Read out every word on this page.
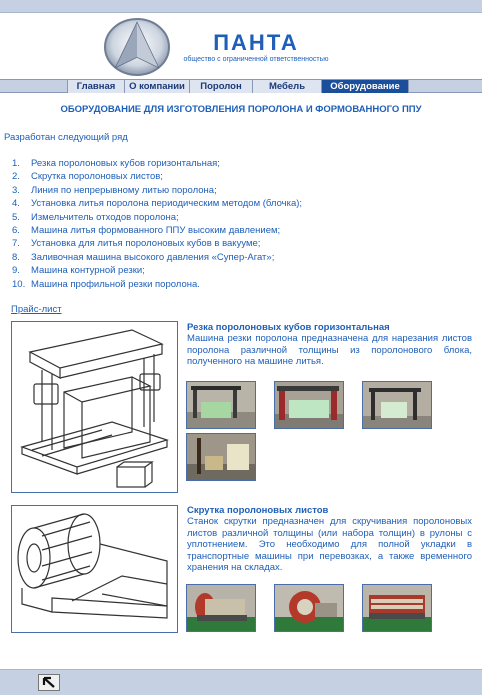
ПАНТА
общество с ограниченной ответственностью
Главная	О компании	Поролон	Мебель	Оборудование
ОБОРУДОВАНИЕ ДЛЯ ИЗГОТОВЛЕНИЯ ПОРОЛОНА И ФОРМОВАННОГО ППУ
Разработан следующий ряд
1. Резка поролоновых кубов горизонтальная;
2. Скрутка поролоновых листов;
3. Линия по непрерывному литью поролона;
4. Установка литья поролона периодическим методом (блочка);
5. Измельчитель отходов поролона;
6. Машина литья формованного ППУ высоким давлением;
7. Установка для литья поролоновых кубов в вакууме;
8. Заливочная машина высокого давления «Супер-Агат»;
9. Машина контурной резки;
10. Машина профильной резки поролона.
Прайс-лист
Резка поролоновых кубов горизонтальная
Машина резки поролона предназначена для нарезания листов поролона различной толщины из поролонового блока, полученного на машине литья.
Скрутка поролоновых листов
Станок скрутки предназначен для скручивания поролоновых листов различной толщины (или набора толщин) в рулоны с уплотнением. Это необходимо для полной укладки в транспортные машины при перевозках, а также временного хранения на складах.
